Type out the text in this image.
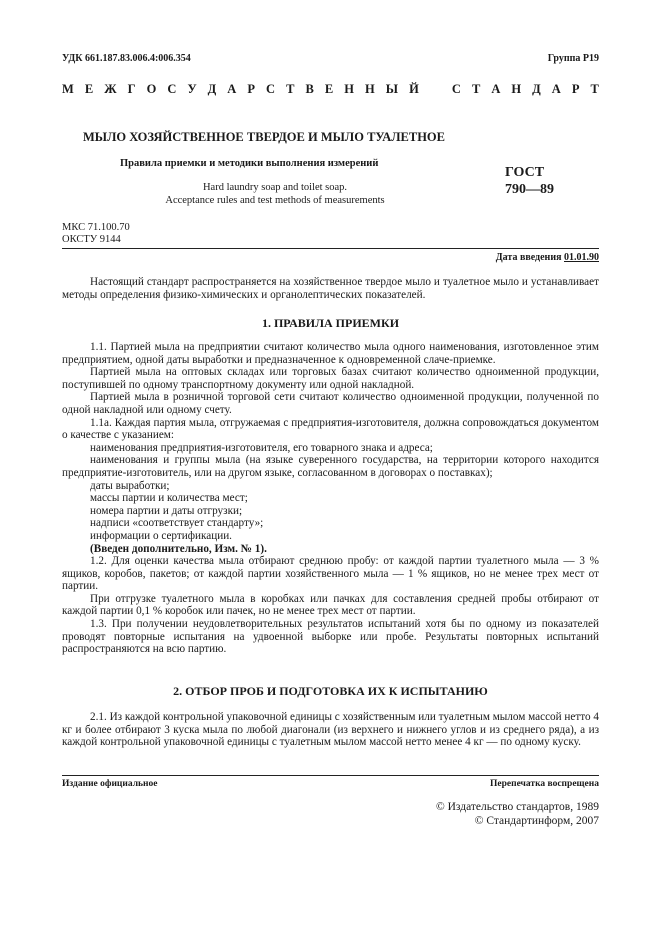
УДК 661.187.83.006.4:006.354	Группа Р19
М Е Ж Г О С У Д А Р С Т В Е Н Н Ы Й	С Т А Н Д А Р Т
МЫЛО ХОЗЯЙСТВЕННОЕ ТВЕРДОЕ И МЫЛО ТУАЛЕТНОЕ
Правила приемки и методики выполнения измерений
Hard laundry soap and toilet soap.
Acceptance rules and test methods of measurements
ГОСТ
790—89
МКС 71.100.70
ОКСТУ 9144
Дата введения 01.01.90

Настоящий стандарт распространяется на хозяйственное твердое мыло и туалетное мыло и устанавливает методы определения физико-химических и органолептических показателей.

1. ПРАВИЛА ПРИЕМКИ

1.1. Партией мыла на предприятии считают количество мыла одного наименования, изготовленное этим предприятием, одной даты выработки и предназначенное к одновременной слаче-приемке.

Партией мыла на оптовых складах или торговых базах считают количество одноименной продукции, поступившей по одному транспортному документу или одной накладной.

Партией мыла в розничной торговой сети считают количество одноименной продукции, полученной по одной накладной или одному счету.

1.1а. Каждая партия мыла, отгружаемая с предприятия-изготовителя, должна сопровождаться документом о качестве с указанием:

наименования предприятия-изготовителя, его товарного знака и адреса;

наименования и группы мыла (на языке суверенного государства, на территории которого находится предприятие-изготовитель, или на другом языке, согласованном в договорах о поставках);

даты выработки;

массы партии и количества мест;

номера партии и даты отгрузки;

надписи «соответствует стандарту»;

информации о сертификации.

(Введен дополнительно, Изм. № 1).

1.2. Для оценки качества мыла отбирают среднюю пробу: от каждой партии туалетного мыла — 3 % ящиков, коробов, пакетов; от каждой партии хозяйственного мыла — 1 % ящиков, но не менее трех мест от партии.

При отгрузке туалетного мыла в коробках или пачках для составления средней пробы отбирают от каждой партии 0,1 % коробок или пачек, но не менее трех мест от партии.

1.3. При получении неудовлетворительных результатов испытаний хотя бы по одному из показателей проводят повторные испытания на удвоенной выборке или пробе. Результаты повторных испытаний распространяются на всю партию.

2. ОТБОР ПРОБ И ПОДГОТОВКА ИХ К ИСПЫТАНИЮ

2.1. Из каждой контрольной упаковочной единицы с хозяйственным или туалетным мылом массой нетто 4 кг и более отбирают 3 куска мыла по любой диагонали (из верхнего и нижнего углов и из среднего ряда), а из каждой контрольной упаковочной единицы с туалетным мылом массой нетто менее 4 кг — по одному куску.

Издание официальное	Перепечатка воспрещена
© Издательство стандартов, 1989
© Стандартинформ, 2007
